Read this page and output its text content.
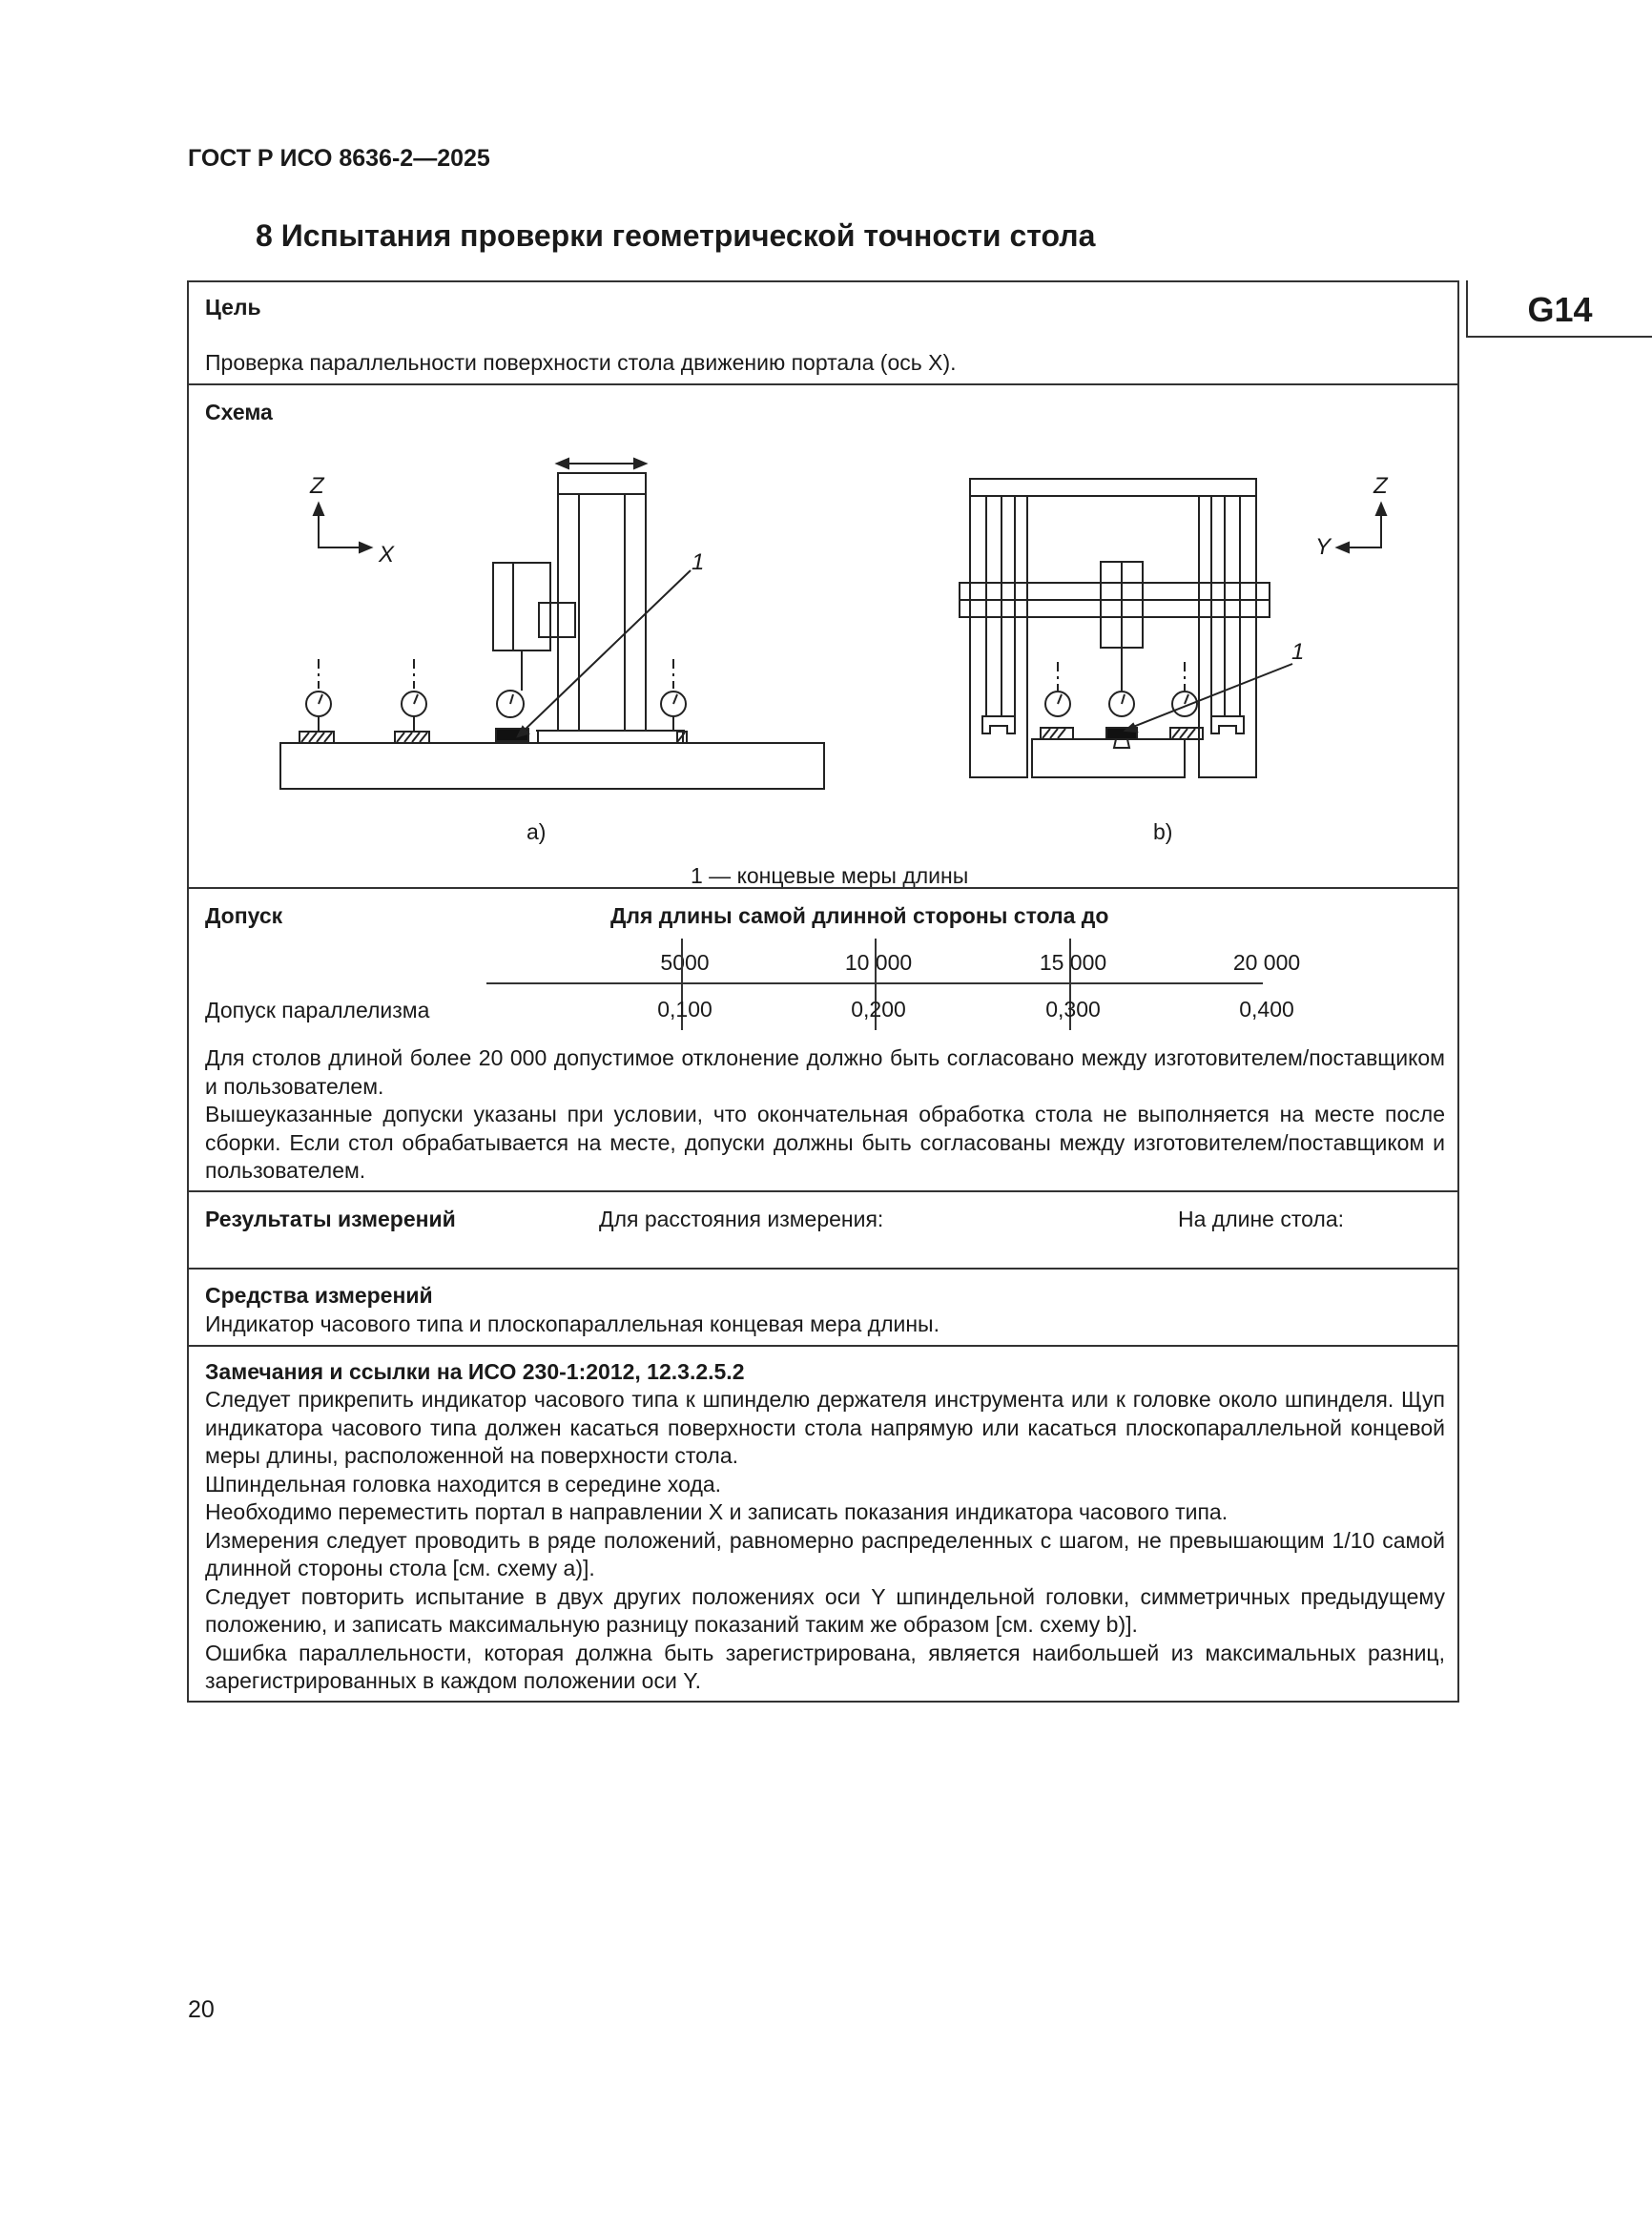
ГОСТ Р ИСО 8636-2—2025
8 Испытания проверки геометрической точности стола
G14
Цель
Проверка параллельности поверхности стола движению портала (ось X).
Схема
Z
X	1
Z
Y
1
a)	b)
1 — концевые меры длины
Допуск	Для длины самой длинной стороны стола до
5000	10 000	15 000	20 000
Допуск параллелизма	0,100	0,200	0,300	0,400

Для столов длиной более 20 000 допустимое отклонение должно быть согласовано между изготовителем/поставщиком и пользователем.

Вышеуказанные допуски указаны при условии, что окончательная обработка стола не выполняется на месте после сборки. Если стол обрабатывается на месте, допуски должны быть согласованы между изготовителем/поставщиком и пользователем.

Результаты измерений	Для расстояния измерения:	На длине стола:
Средства измерений
Индикатор часового типа и плоскопараллельная концевая мера длины.
Замечания и ссылки на ИСО 230-1:2012, 12.3.2.5.2

Следует прикрепить индикатор часового типа к шпинделю держателя инструмента или к головке около шпинделя. Щуп индикатора часового типа должен касаться поверхности стола напрямую или касаться плоскопараллельной концевой меры длины, расположенной на поверхности стола.

Шпиндельная головка находится в середине хода.

Необходимо переместить портал в направлении X и записать показания индикатора часового типа.

Измерения следует проводить в ряде положений, равномерно распределенных с шагом, не превышающим 1/10 самой длинной стороны стола [см. схему а)].

Следует повторить испытание в двух других положениях оси Y шпиндельной головки, симметричных предыдущему положению, и записать максимальную разницу показаний таким же образом [см. схему b)].

Ошибка параллельности, которая должна быть зарегистрирована, является наибольшей из максимальных разниц, зарегистрированных в каждом положении оси Y.

20
